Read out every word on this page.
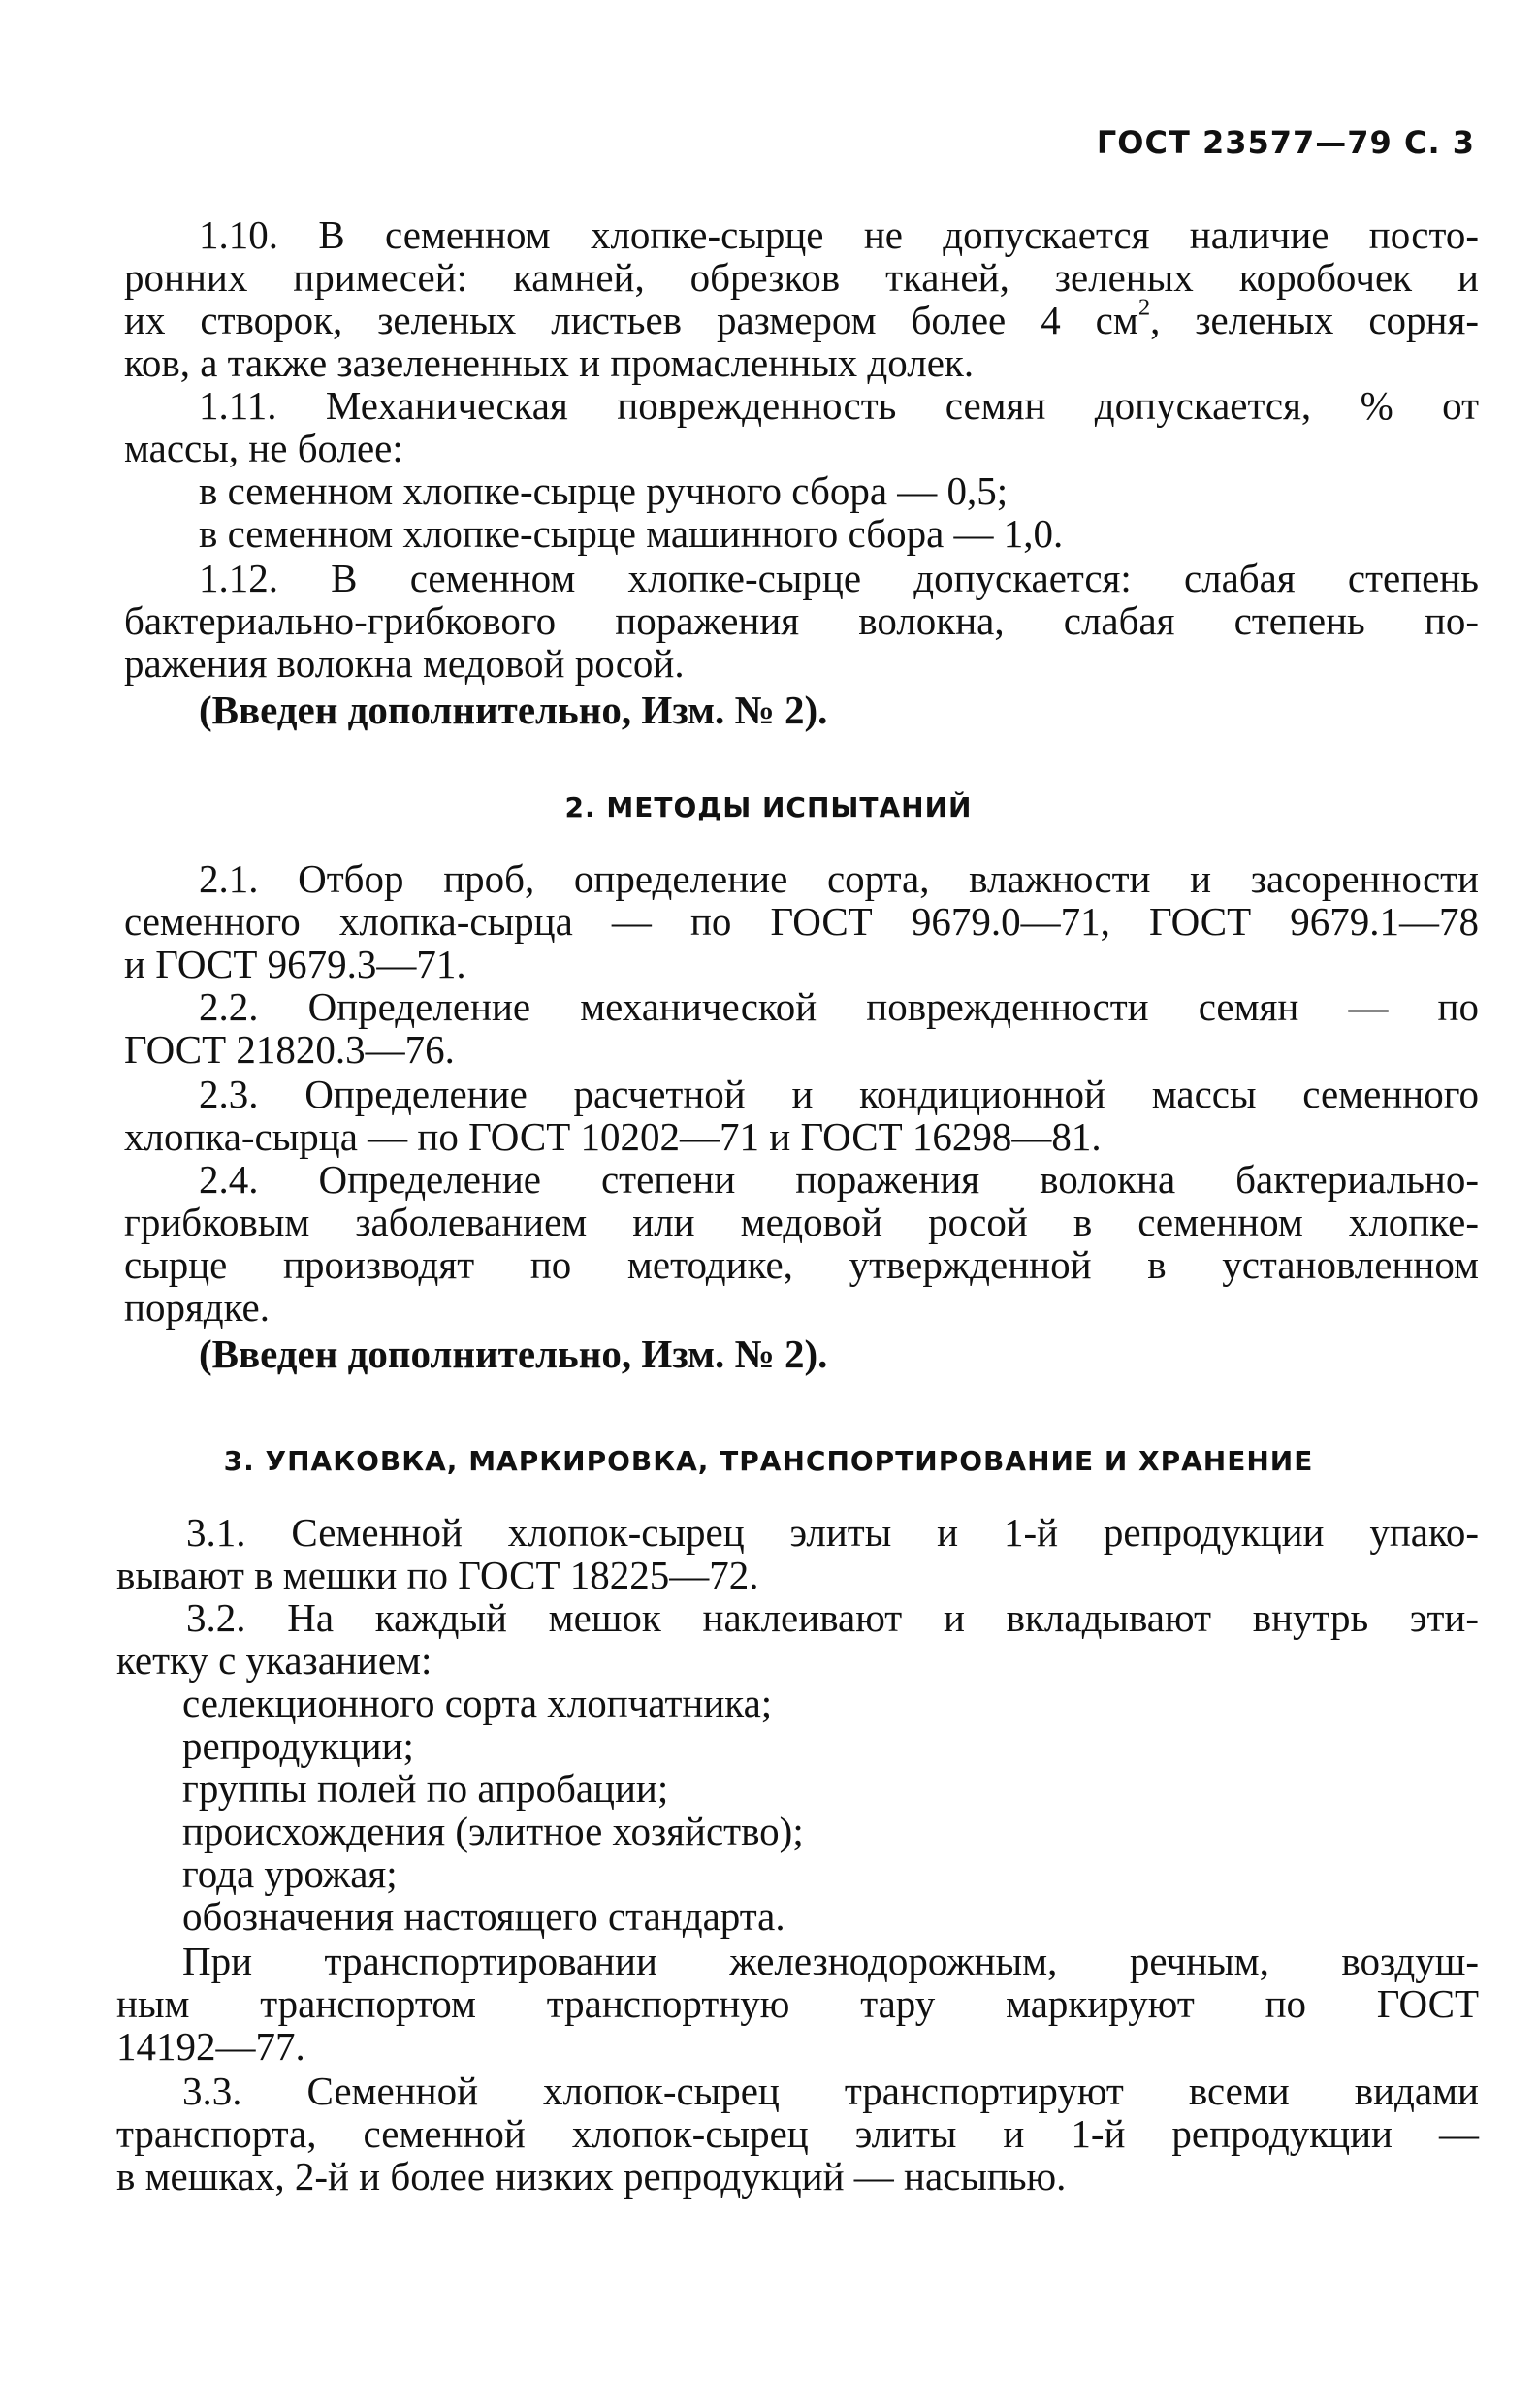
ГОСТ 23577—79 С. 3
1.10. В семенном хлопке-сырце не допускается наличие посто-
ронних примесей: камней, обрезков тканей, зеленых коробочек и
их створок, зеленых листьев размером более 4 $см^2$, зеленых сорня-
ков, а также зазелененных и промасленных долек.
1.11. Механическая поврежденность семян допускается, % от
массы, не более:
в семенном хлопке-сырце ручного сбора — 0,5;
в семенном хлопке-сырце машинного сбора — 1,0.
1.12. В семенном хлопке-сырце допускается: слабая степень
бактериально-грибкового поражения волокна, слабая степень по-
ражения волокна медовой росой.
(Введен дополнительно, Изм. № 2).
2. МЕТОДЫ ИСПЫТАНИЙ
2.1. Отбор проб, определение сорта, влажности и засоренности
семенного хлопка-сырца — по ГОСТ 9679.0—71, ГОСТ 9679.1—78
и ГОСТ 9679.3—71.
2.2. Определение механической поврежденности семян — по
ГОСТ 21820.3—76.
2.3. Определение расчетной и кондиционной массы семенного
хлопка-сырца — по ГОСТ 10202—71 и ГОСТ 16298—81.
2.4. Определение степени поражения волокна бактериально-
грибковым заболеванием или медовой росой в семенном хлопке-
сырце производят по методике, утвержденной в установленном
порядке.
(Введен дополнительно, Изм. № 2).
3. УПАКОВКА, МАРКИРОВКА, ТРАНСПОРТИРОВАНИЕ И ХРАНЕНИЕ
3.1. Семенной хлопок-сырец элиты и 1-й репродукции упако-
вывают в мешки по ГОСТ 18225—72.
3.2. На каждый мешок наклеивают и вкладывают внутрь эти-
кетку с указанием:
селекционного сорта хлопчатника;
репродукции;
группы полей по апробации;
происхождения (элитное хозяйство);
года урожая;
обозначения настоящего стандарта.
При транспортировании железнодорожным, речным, воздуш-
ным транспортом транспортную тару маркируют по ГОСТ
14192—77.
3.3. Семенной хлопок-сырец транспортируют всеми видами
транспорта, семенной хлопок-сырец элиты и 1-й репродукции —
в мешках, 2-й и более низких репродукций — насыпью.
